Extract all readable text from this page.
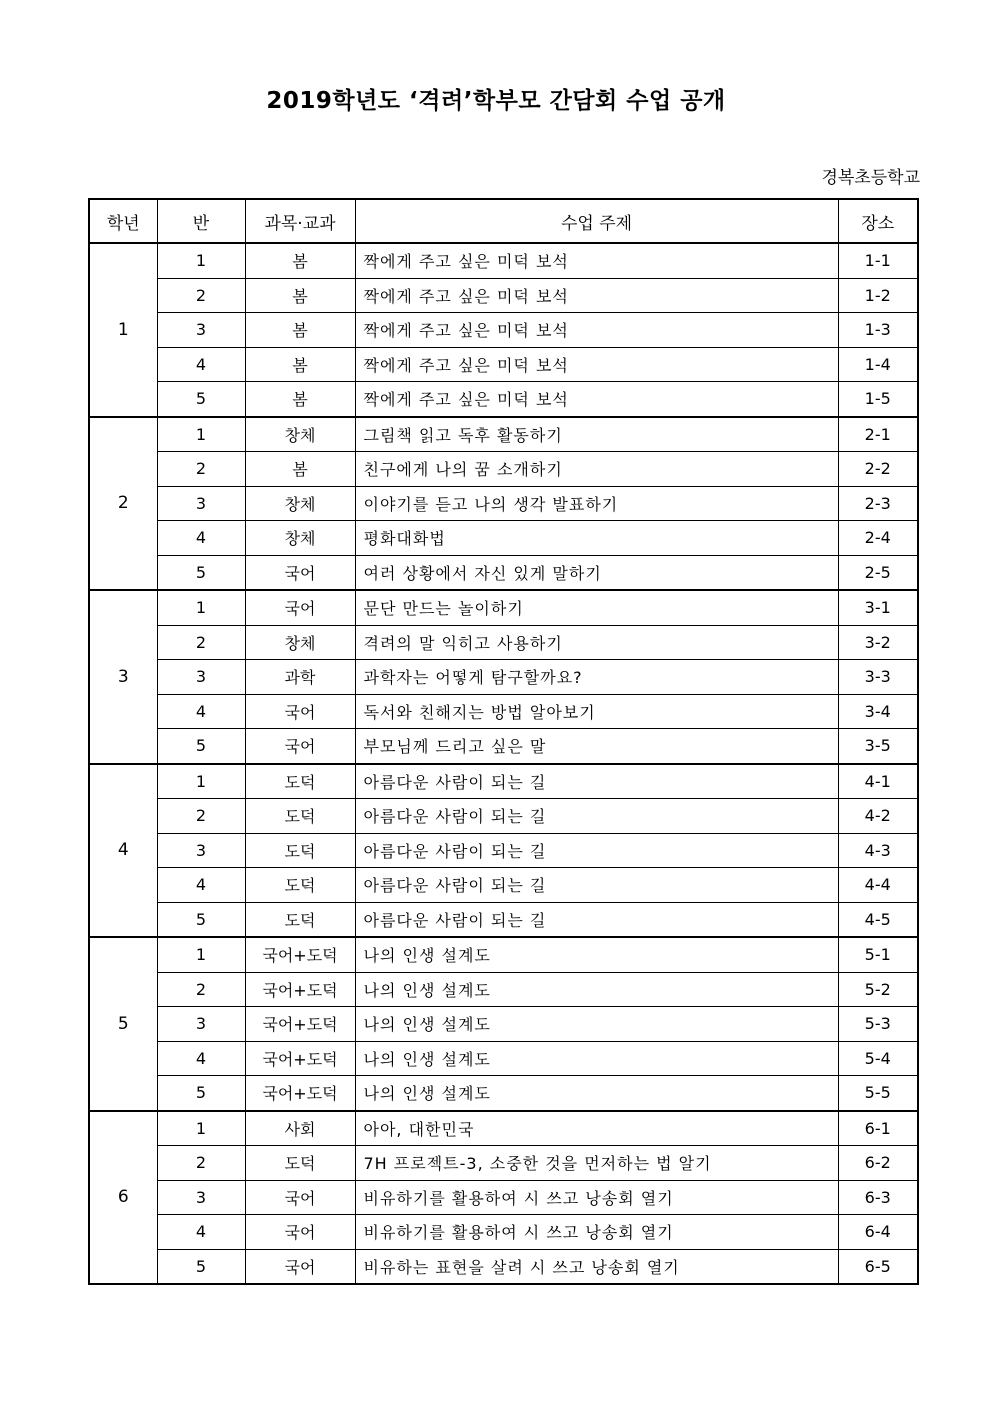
2019학년도 ‘격려’학부모 간담회 수업 공개
경복초등학교
학년	반	과목·교과	수업 주제	장소
1	1	봄	짝에게 주고 싶은 미덕 보석	1-1
	2	봄	짝에게 주고 싶은 미덕 보석	1-2
	3	봄	짝에게 주고 싶은 미덕 보석	1-3
	4	봄	짝에게 주고 싶은 미덕 보석	1-4
	5	봄	짝에게 주고 싶은 미덕 보석	1-5
2	1	창체	그림책 읽고 독후 활동하기	2-1
	2	봄	친구에게 나의 꿈 소개하기	2-2
	3	창체	이야기를 듣고 나의 생각 발표하기	2-3
	4	창체	평화대화법	2-4
	5	국어	여러 상황에서 자신 있게 말하기	2-5
3	1	국어	문단 만드는 놀이하기	3-1
	2	창체	격려의 말 익히고 사용하기	3-2
	3	과학	과학자는 어떻게 탐구할까요?	3-3
	4	국어	독서와 친해지는 방법 알아보기	3-4
	5	국어	부모님께 드리고 싶은 말	3-5
4	1	도덕	아름다운 사람이 되는 길	4-1
	2	도덕	아름다운 사람이 되는 길	4-2
	3	도덕	아름다운 사람이 되는 길	4-3
	4	도덕	아름다운 사람이 되는 길	4-4
	5	도덕	아름다운 사람이 되는 길	4-5
5	1	국어+도덕	나의 인생 설계도	5-1
	2	국어+도덕	나의 인생 설계도	5-2
	3	국어+도덕	나의 인생 설계도	5-3
	4	국어+도덕	나의 인생 설계도	5-4
	5	국어+도덕	나의 인생 설계도	5-5
6	1	사회	아아, 대한민국	6-1
	2	도덕	7H 프로젝트-3, 소중한 것을 먼저하는 법 알기	6-2
	3	국어	비유하기를 활용하여 시 쓰고 낭송회 열기	6-3
	4	국어	비유하기를 활용하여 시 쓰고 낭송회 열기	6-4
	5	국어	비유하는 표현을 살려 시 쓰고 낭송회 열기	6-5
